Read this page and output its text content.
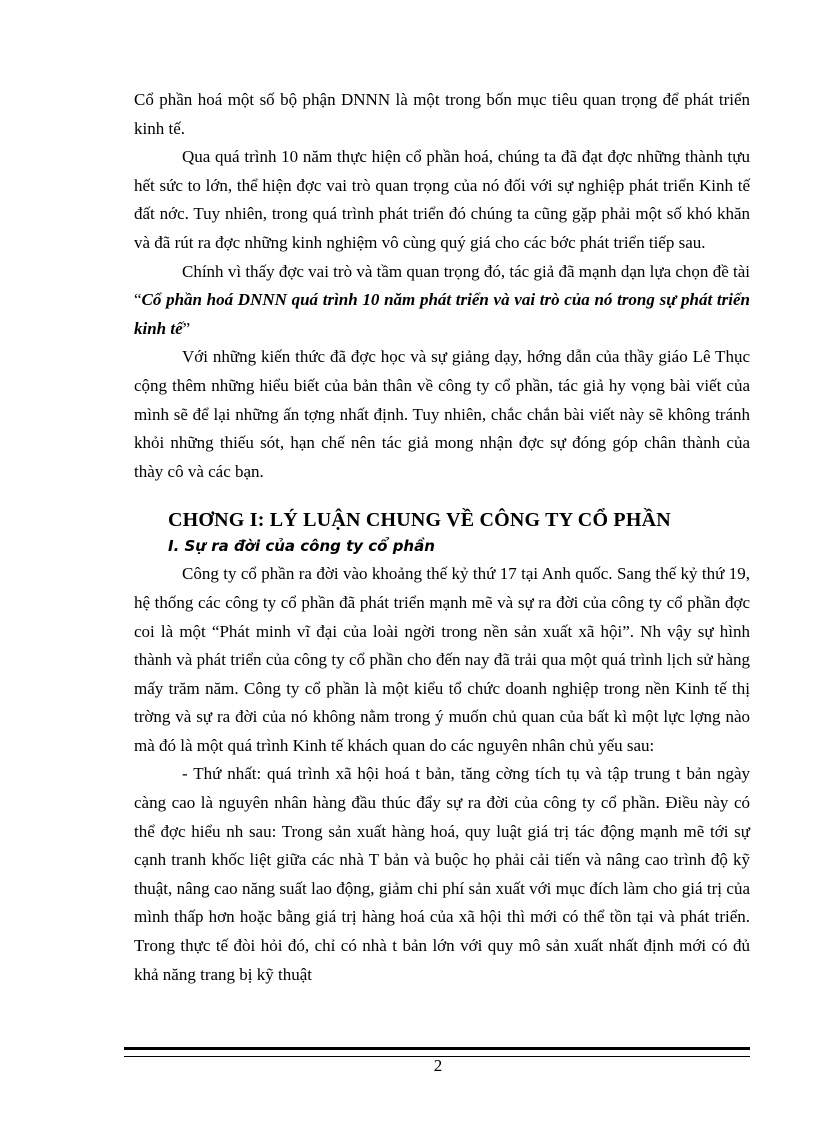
Cổ phần hoá một số bộ phận DNNN là một trong bốn mục tiêu quan trọng để phát triển kinh tế.

Qua quá trình 10 năm thực hiện cổ phần hoá, chúng ta đã đạt đợc những thành tựu hết sức to lớn, thể hiện đợc vai trò quan trọng của nó đối với sự nghiệp phát triển Kinh tế đất nớc. Tuy nhiên, trong quá trình phát triển đó chúng ta cũng gặp phải một số khó khăn và đã rút ra đợc những kinh nghiệm vô cùng quý giá cho các bớc phát triển tiếp sau.

Chính vì thấy đợc vai trò và tầm quan trọng đó, tác giả đã mạnh dạn lựa chọn đề tài “Cổ phần hoá DNNN quá trình 10 năm phát triển và vai trò của nó trong sự phát triển kinh tế”

Với những kiến thức đã đợc học và sự giảng dạy, hớng dẫn của thầy giáo Lê Thục cộng thêm những hiểu biết của bản thân về công ty cổ phần, tác giả hy vọng bài viết của mình sẽ để lại những ấn tợng nhất định. Tuy nhiên, chắc chắn bài viết này sẽ không tránh khỏi những thiếu sót, hạn chế nên tác giả mong nhận đợc sự đóng góp chân thành của thày cô và các bạn.

CHƠNG I: LÝ LUẬN CHUNG VỀ CÔNG TY CỔ PHẦN
I. Sự ra đời của công ty cổ phần

Công ty cổ phần ra đời vào khoảng thế kỷ thứ 17 tại Anh quốc. Sang thế kỷ thứ 19, hệ thống các công ty cổ phần đã phát triển mạnh mẽ và sự ra đời của công ty cổ phần đợc coi là một “Phát minh vĩ đại của loài ngời trong nền sản xuất xã hội”. Nh vậy sự hình thành và phát triển của công ty cổ phần cho đến nay đã trải qua một quá trình lịch sử hàng mấy trăm năm. Công ty cổ phần là một kiểu tổ chức doanh nghiệp trong nền Kinh tế thị trờng và sự ra đời của nó không nằm trong ý muốn chủ quan của bất kì một lực lợng nào mà đó là một quá trình Kinh tế khách quan do các nguyên nhân chủ yếu sau:

- Thứ nhất: quá trình xã hội hoá t bản, tăng cờng tích tụ và tập trung t bản ngày càng cao là nguyên nhân hàng đầu thúc đẩy sự ra đời của công ty cổ phần. Điều này có thể đợc hiểu nh sau: Trong sản xuất hàng hoá, quy luật giá trị tác động mạnh mẽ tới sự cạnh tranh khốc liệt giữa các nhà T bản và buộc họ phải cải tiến và nâng cao trình độ kỹ thuật, nâng cao năng suất lao động, giảm chi phí sản xuất với mục đích làm cho giá trị của mình thấp hơn hoặc bằng giá trị hàng hoá của xã hội thì mới có thể tồn tại và phát triển. Trong thực tế đòi hỏi đó, chỉ có nhà t bản lớn với quy mô sản xuất nhất định mới có đủ khả năng trang bị kỹ thuật

2
